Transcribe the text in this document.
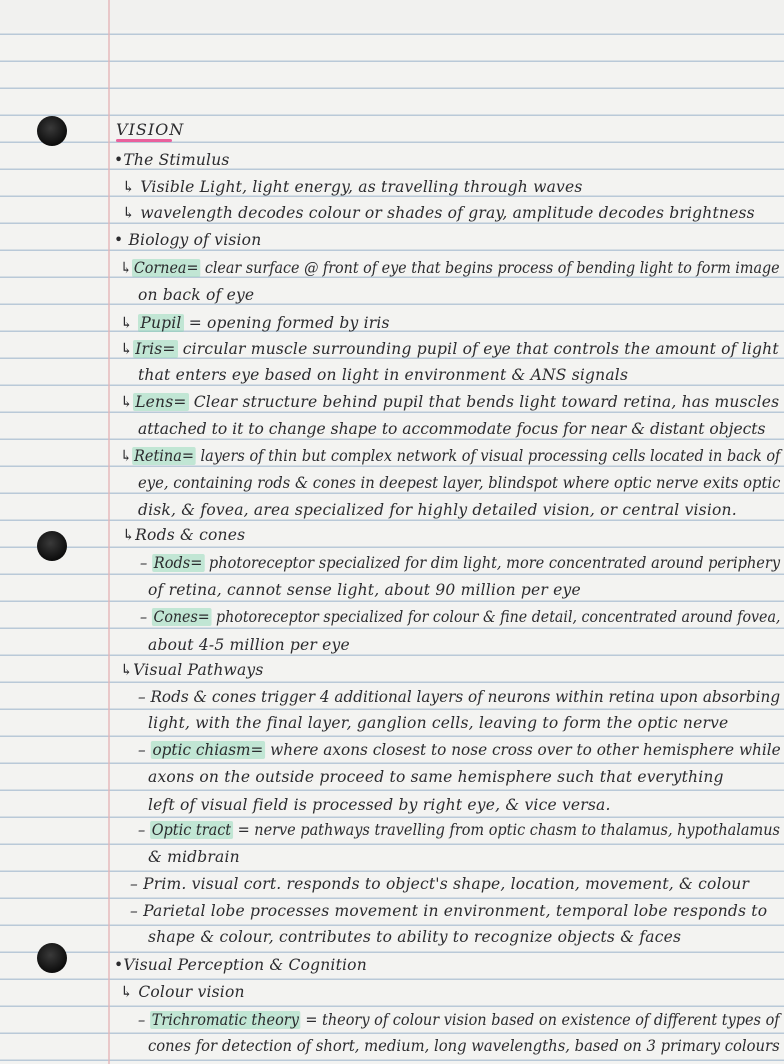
VISION
•The Stimulus
↳ Visible Light, light energy, as travelling through waves
↳ wavelength decodes colour or shades of gray, amplitude decodes brightness
• Biology of vision
↳ Cornea= clear surface @ front of eye that begins process of bending light to form image
on back of eye
↳ Pupil = opening formed by iris
↳ Iris= circular muscle surrounding pupil of eye that controls the amount of light
that enters eye based on light in environment & ANS signals
↳ Lens= Clear structure behind pupil that bends light toward retina, has muscles
attached to it to change shape to accommodate focus for near & distant objects
↳ Retina= layers of thin but complex network of visual processing cells located in back of
eye, containing rods & cones in deepest layer, blindspot where optic nerve exits optic
disk, & fovea, area specialized for highly detailed vision, or central vision.
↳Rods & cones
– Rods= photoreceptor specialized for dim light, more concentrated around periphery
of retina, cannot sense light, about 90 million per eye
– Cones= photoreceptor specialized for colour & fine detail, concentrated around fovea,
about 4-5 million per eye
↳Visual Pathways
– Rods & cones trigger 4 additional layers of neurons within retina upon absorbing
light, with the final layer, ganglion cells, leaving to form the optic nerve
– optic chiasm= where axons closest to nose cross over to other hemisphere while
axons on the outside proceed to same hemisphere such that everything
left of visual field is processed by right eye, & vice versa.
– Optic tract = nerve pathways travelling from optic chasm to thalamus, hypothalamus
& midbrain
– Prim. visual cort. responds to object's shape, location, movement, & colour
– Parietal lobe processes movement in environment, temporal lobe responds to
shape & colour, contributes to ability to recognize objects & faces
•Visual Perception & Cognition
↳ Colour vision
– Trichromatic theory = theory of colour vision based on existence of different types of
cones for detection of short, medium, long wavelengths, based on 3 primary colours
